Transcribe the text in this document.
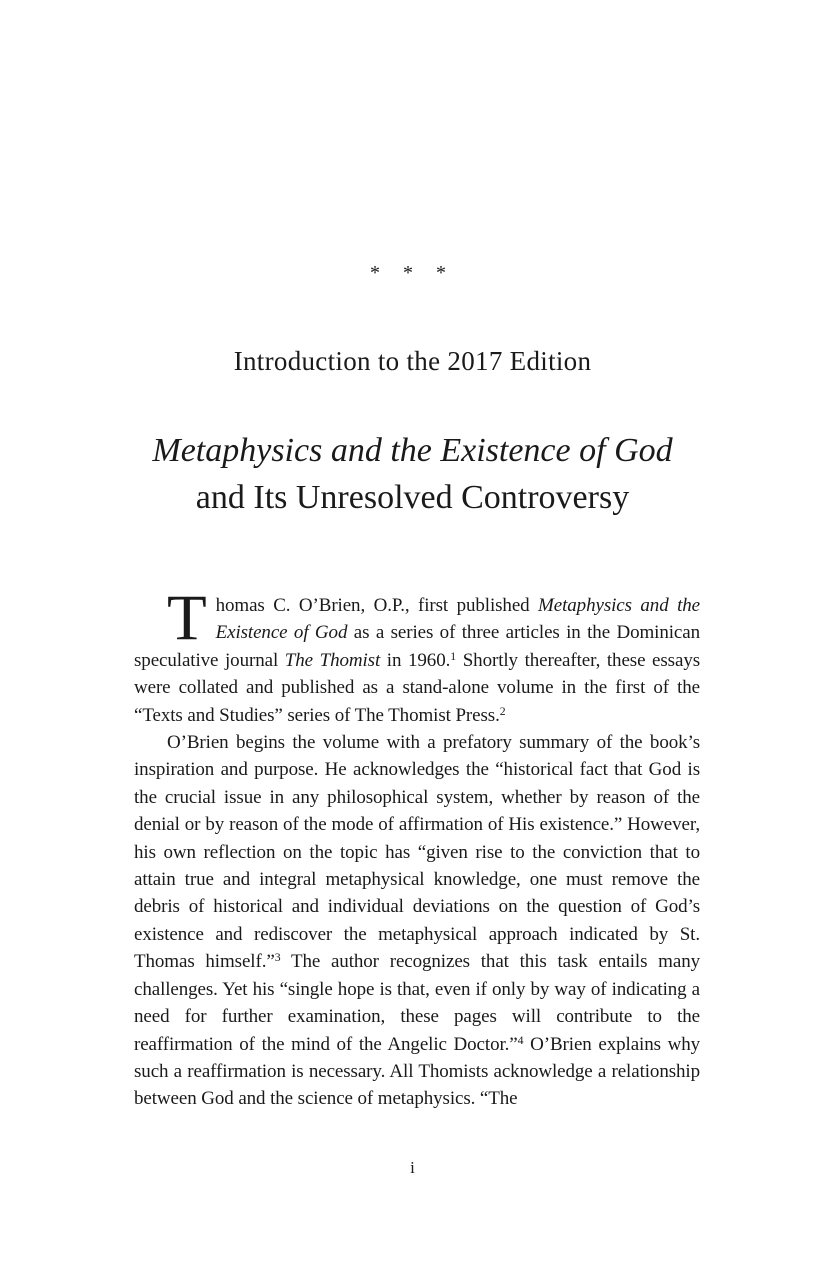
* * *
Introduction to the 2017 Edition
Metaphysics and the Existence of God
and Its Unresolved Controversy

Thomas C. O’Brien, O.P., first published Metaphysics and the Existence of God as a series of three articles in the Dominican speculative journal The Thomist in 1960.$^1$ Shortly thereafter, these essays were collated and published as a stand-alone volume in the first of the “Texts and Studies” series of The Thomist Press.$^2$

O’Brien begins the volume with a prefatory summary of the book’s inspiration and purpose. He acknowledges the “historical fact that God is the crucial issue in any philosophical system, whether by reason of the denial or by reason of the mode of affirmation of His existence.” However, his own reflection on the topic has “given rise to the conviction that to attain true and integral metaphysical knowledge, one must remove the debris of historical and individual deviations on the question of God’s existence and rediscover the metaphysical approach indicated by St. Thomas himself.”$^3$ The author recognizes that this task entails many challenges. Yet his “single hope is that, even if only by way of indicating a need for further examination, these pages will contribute to the reaffirmation of the mind of the Angelic Doctor.”$^4$ O’Brien explains why such a reaffirmation is necessary. All Thomists acknowledge a relationship between God and the science of metaphysics. “The

i
